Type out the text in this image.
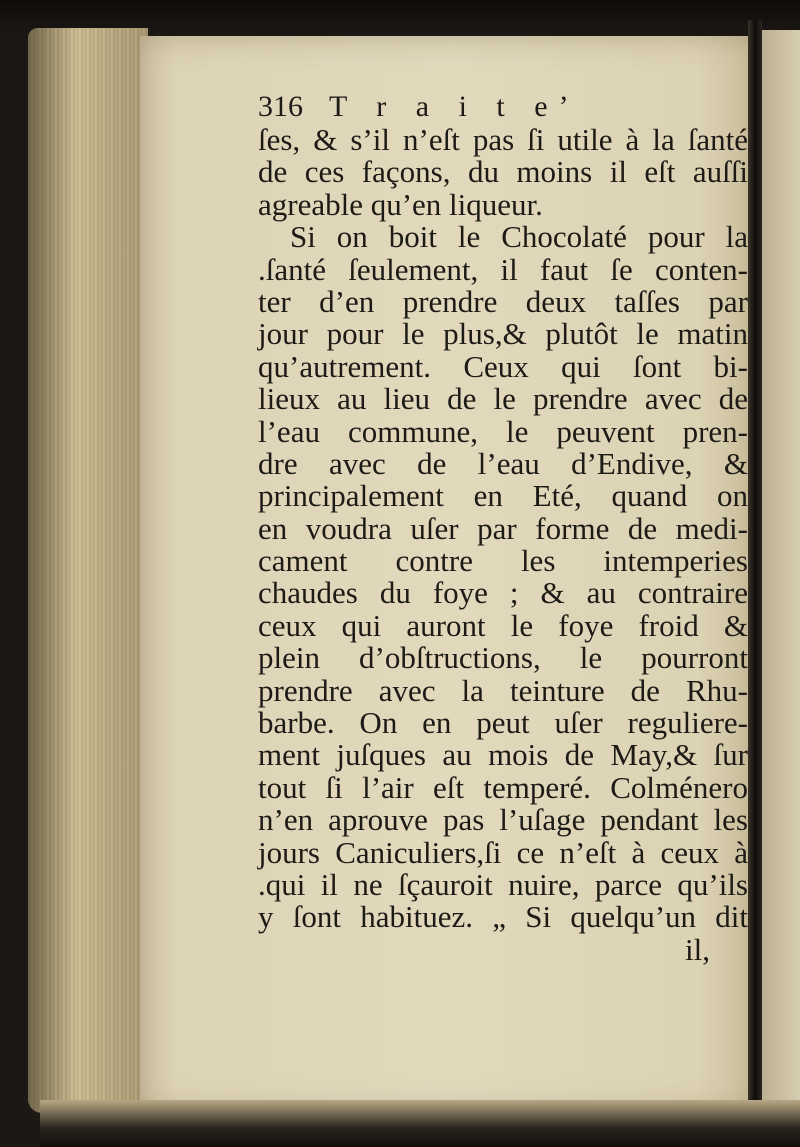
316 T r a i t e’
ſes, & s’il n’eſt pas ſi utile à la ſanté
de ces façons, du moins il eſt auſſi
agreable qu’en liqueur.
Si on boit le Chocolaté pour la
.ſanté ſeulement, il faut ſe conten-
ter d’en prendre deux taſſes par
jour pour le plus,& plutôt le matin
qu’autrement. Ceux qui ſont bi-
lieux au lieu de le prendre avec de
l’eau commune, le peuvent pren-
dre avec de l’eau d’Endive, &
principalement en Eté, quand on
en voudra uſer par forme de medi-
cament contre les intemperies
chaudes du foye ; & au contraire
ceux qui auront le foye froid &
plein d’obſtructions, le pourront
prendre avec la teinture de Rhu-
barbe. On en peut uſer reguliere-
ment juſques au mois de May,& ſur
tout ſi l’air eſt temperé. Colménero
n’en aprouve pas l’uſage pendant les
jours Caniculiers,ſi ce n’eſt à ceux à
.qui il ne ſçauroit nuire, parce qu’ils
y ſont habituez. „ Si quelqu’un dit
il,
